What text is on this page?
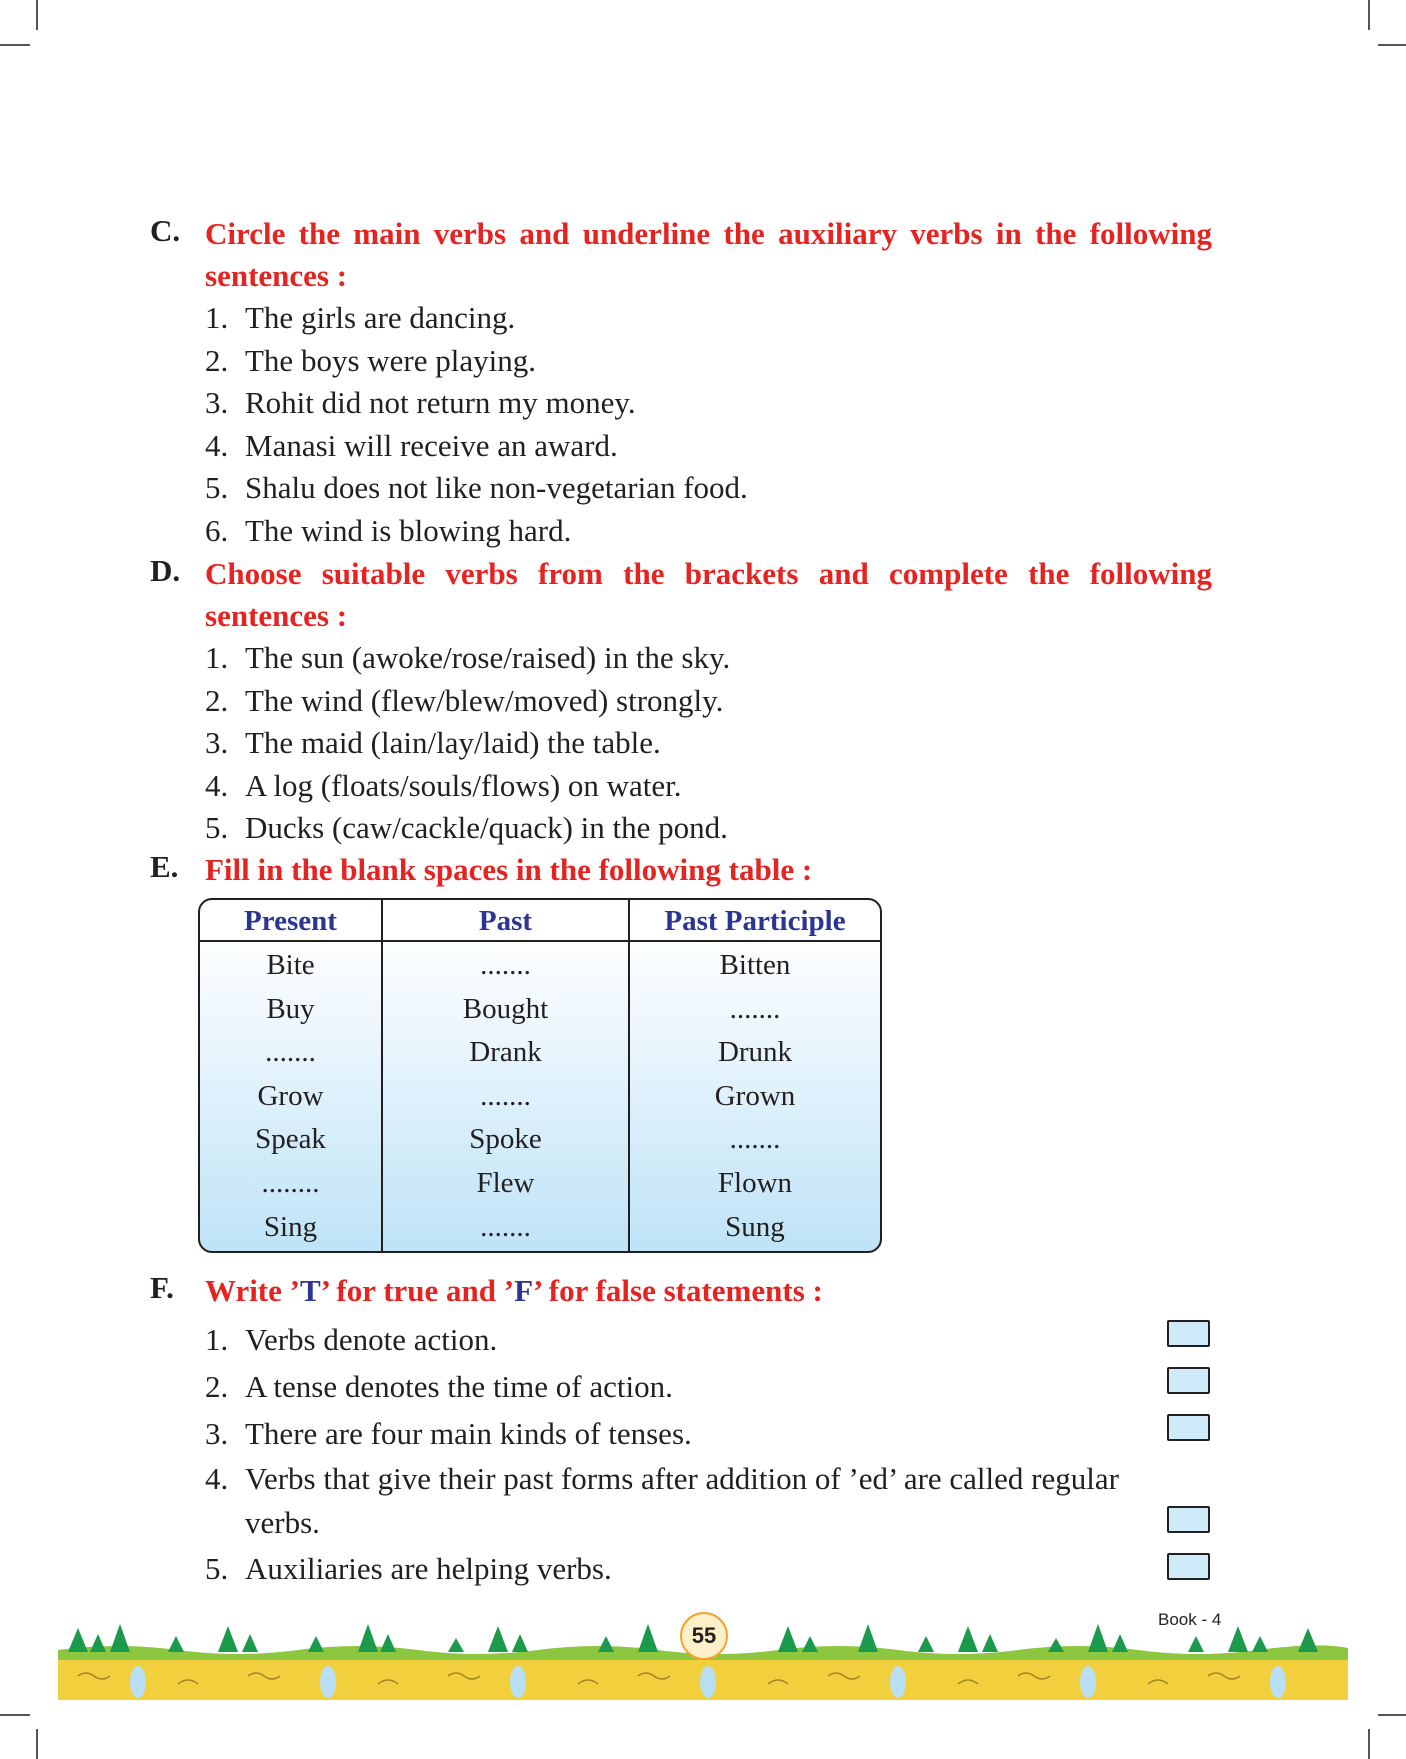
C. Circle the main verbs and underline the auxiliary verbs in the following sentences :
1. The girls are dancing.
2. The boys were playing.
3. Rohit did not return my money.
4. Manasi will receive an award.
5. Shalu does not like non-vegetarian food.
6. The wind is blowing hard.
D. Choose suitable verbs from the brackets and complete the following sentences :
1. The sun (awoke/rose/raised) in the sky.
2. The wind (flew/blew/moved) strongly.
3. The maid (lain/lay/laid) the table.
4. A log (floats/souls/flows) on water.
5. Ducks (caw/cackle/quack) in the pond.
E. Fill in the blank spaces in the following table :
Present	Past	Past Participle
Bite
Buy
.......
Grow
Speak
........
Sing
.......
Bought
Drank
.......
Spoke
Flew
.......
Bitten
.......
Drunk
Grown
.......
Flown
Sung
F. Write ’T’ for true and ’F’ for false statements :
1. Verbs denote action.
2. A tense denotes the time of action.
3. There are four main kinds of tenses.
4. Verbs that give their past forms after addition of ’ed’ are called regular
verbs.
5. Auxiliaries are helping verbs.
55
Book - 4
